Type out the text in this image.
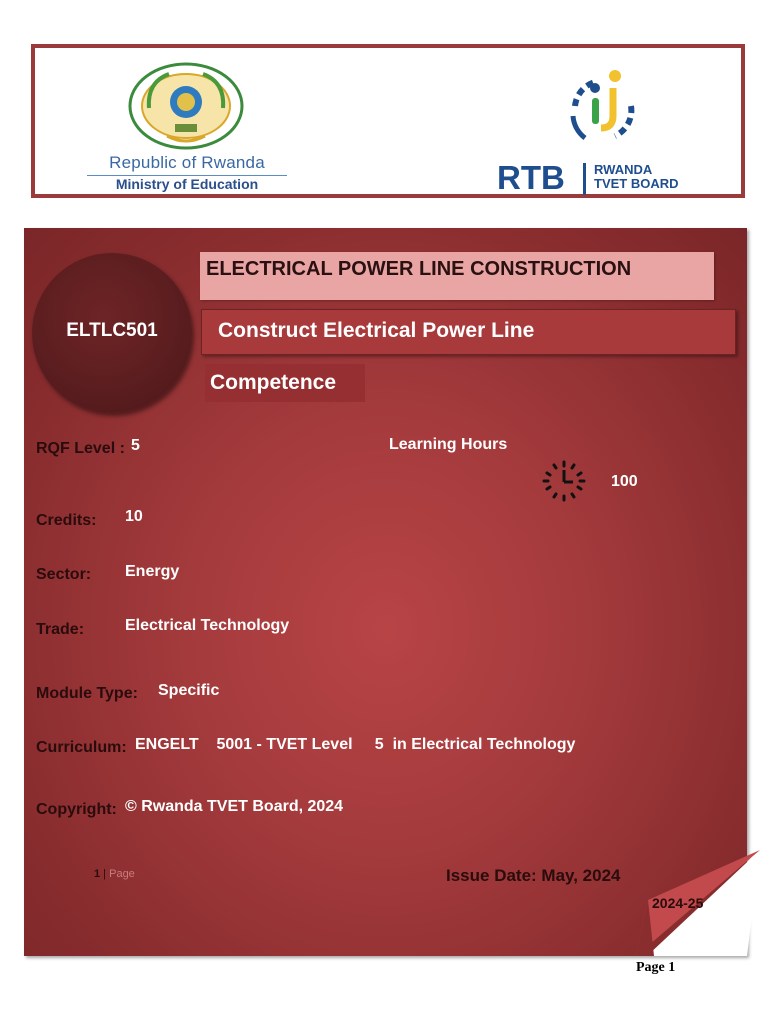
Republic of Rwanda
Ministry of Education	RTB RWANDA
TVET BOARD
ELTLC501
ELECTRICAL POWER LINE CONSTRUCTION
Construct Electrical Power Line
Competence
RQF Level : 5	Learning Hours
100
Credits: 10
Sector: Energy
Trade:	Electrical Technology
Module Type: Specific
Curriculum: ENGELT    5001 - TVET Level     5  in Electrical Technology
Copyright: © Rwanda TVET Board, 2024
1 | Page	Issue Date: May, 2024
2024-25
Page 1
